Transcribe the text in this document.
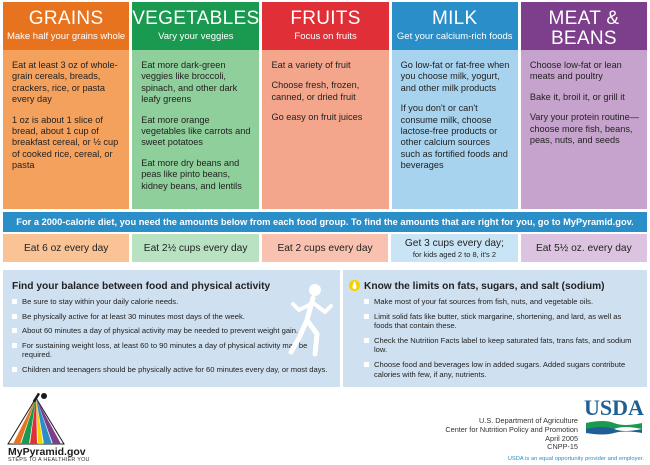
GRAINS
Make half your grains whole

Eat at least 3 oz of whole-grain cereals, breads, crackers, rice, or pasta every day

1 oz is about 1 slice of bread, about 1 cup of breakfast cereal, or ½ cup of cooked rice, cereal, or pasta

VEGETABLES
Vary your veggies

Eat more dark-green veggies like broccoli, spinach, and other dark leafy greens

Eat more orange vegetables like carrots and sweet potatoes

Eat more dry beans and peas like pinto beans, kidney beans, and lentils

FRUITS
Focus on fruits

Eat a variety of fruit

Choose fresh, frozen, canned, or dried fruit

Go easy on fruit juices

MILK
Get your calcium-rich foods

Go low-fat or fat-free when you choose milk, yogurt, and other milk products

If you don't or can't consume milk, choose lactose-free products or other calcium sources such as fortified foods and beverages

MEAT & BEANS

Choose low-fat or lean meats and poultry

Bake it, broil it, or grill it

Vary your protein routine—choose more fish, beans, peas, nuts, and seeds

For a 2000-calorie diet, you need the amounts below from each food group. To find the amounts that are right for you, go to MyPyramid.gov.
Eat 6 oz every day	Eat 2½ cups every day	Eat 2 cups every day	Get 3 cups every day;
for kids aged 2 to 8, it's 2
Eat 5½ oz. every day
Find your balance between food and physical activity
Be sure to stay within your daily calorie needs.
Be physically active for at least 30 minutes most days of the week.
About 60 minutes a day of physical activity may be needed to prevent weight gain.
For sustaining weight loss, at least 60 to 90 minutes a day of physical activity may be required.
Children and teenagers should be physically active for 60 minutes every day, or most days.
Know the limits on fats, sugars, and salt (sodium)
Make most of your fat sources from fish, nuts, and vegetable oils.
Limit solid fats like butter, stick margarine, shortening, and lard, as well as foods that contain these.
Check the Nutrition Facts label to keep saturated fats, trans fats, and sodium low.
Choose food and beverages low in added sugars. Added sugars contribute calories with few, if any, nutrients.
MyPyramid.gov
STEPS TO A HEALTHIER YOU
U.S. Department of Agriculture
Center for Nutrition Policy and Promotion
April 2005
CNPP-15
USDA
USDA is an equal opportunity provider and employer.
